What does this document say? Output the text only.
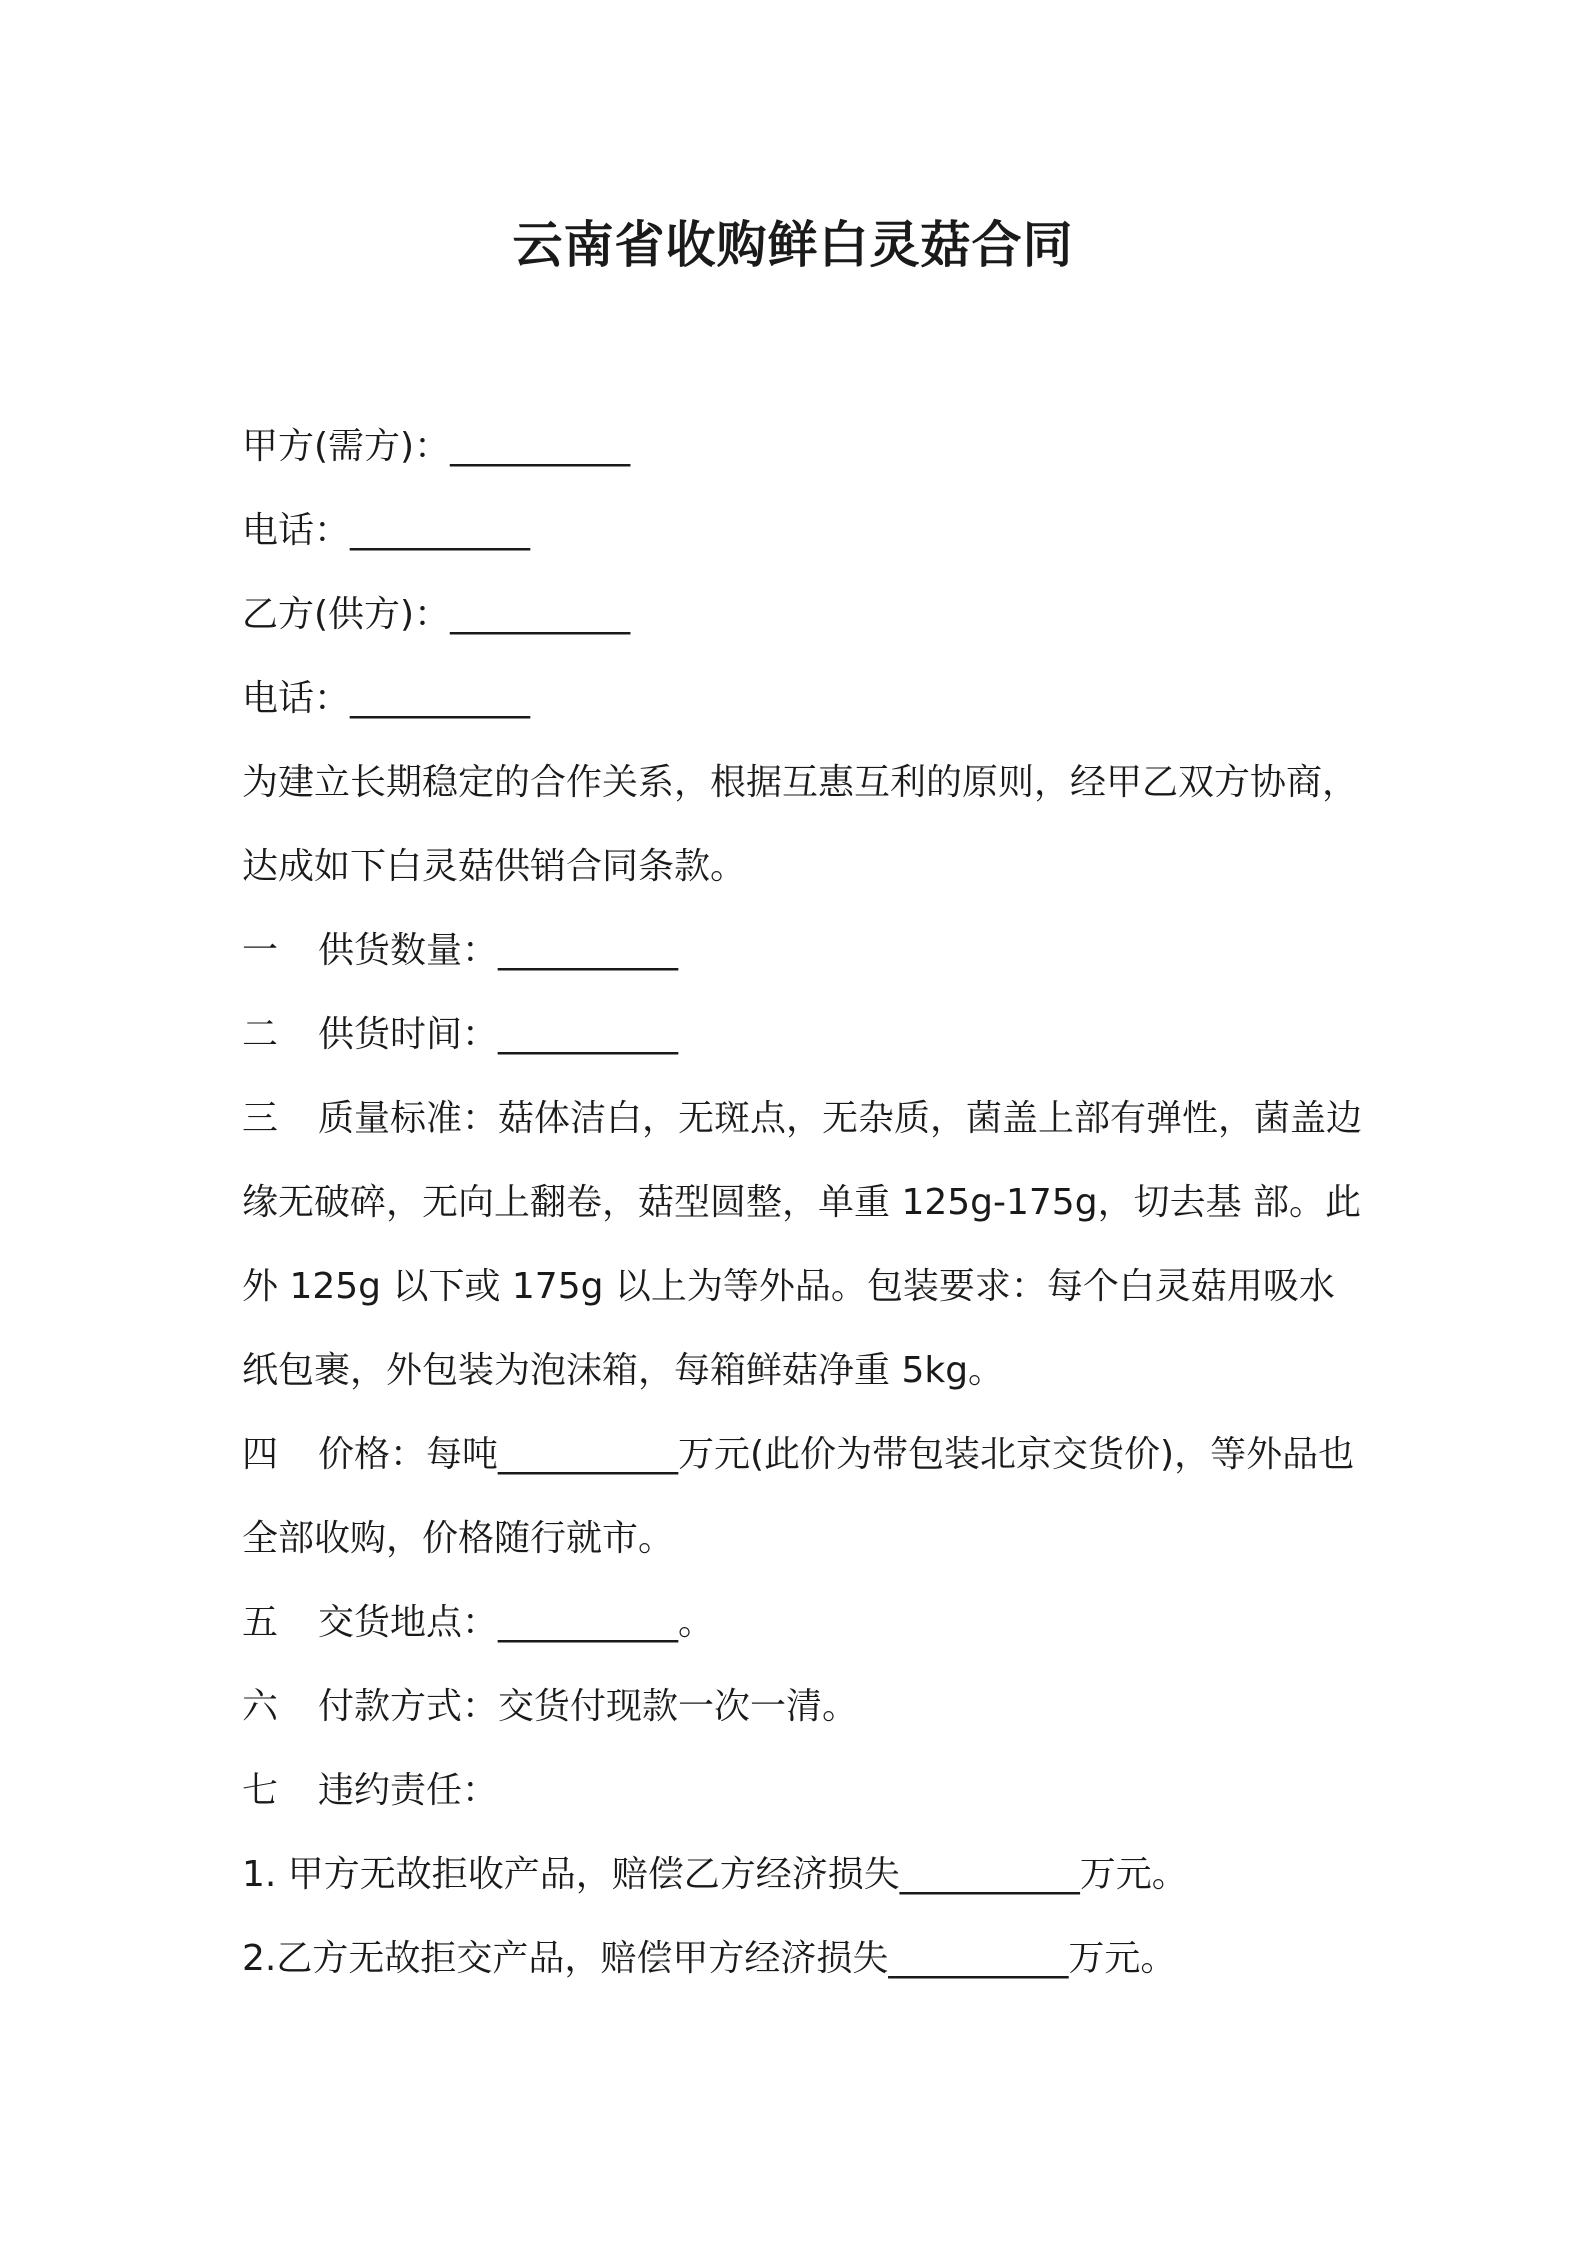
云南省收购鲜白灵菇合同
甲方(需方)：__________
电话：__________
乙方(供方)：__________
电话：__________
为建立长期稳定的合作关系，根据互惠互利的原则，经甲乙双方协商，达成如下白灵菇供销合同条款。
一 供货数量：__________
二 供货时间：__________
三 质量标准：菇体洁白，无斑点，无杂质，菌盖上部有弹性，菌盖边缘无破碎，无向上翻卷，菇型圆整，单重 125g-175g，切去基 部。此外 125g 以下或 175g 以上为等外品。包装要求：每个白灵菇用吸水纸包裹，外包装为泡沫箱，每箱鲜菇净重 5kg。
四 价格：每吨__________万元(此价为带包装北京交货价)，等外品也全部收购，价格随行就市。
五 交货地点：__________。
六 付款方式：交货付现款一次一清。
七 违约责任：
1. 甲方无故拒收产品，赔偿乙方经济损失__________万元。
2.乙方无故拒交产品，赔偿甲方经济损失__________万元。
